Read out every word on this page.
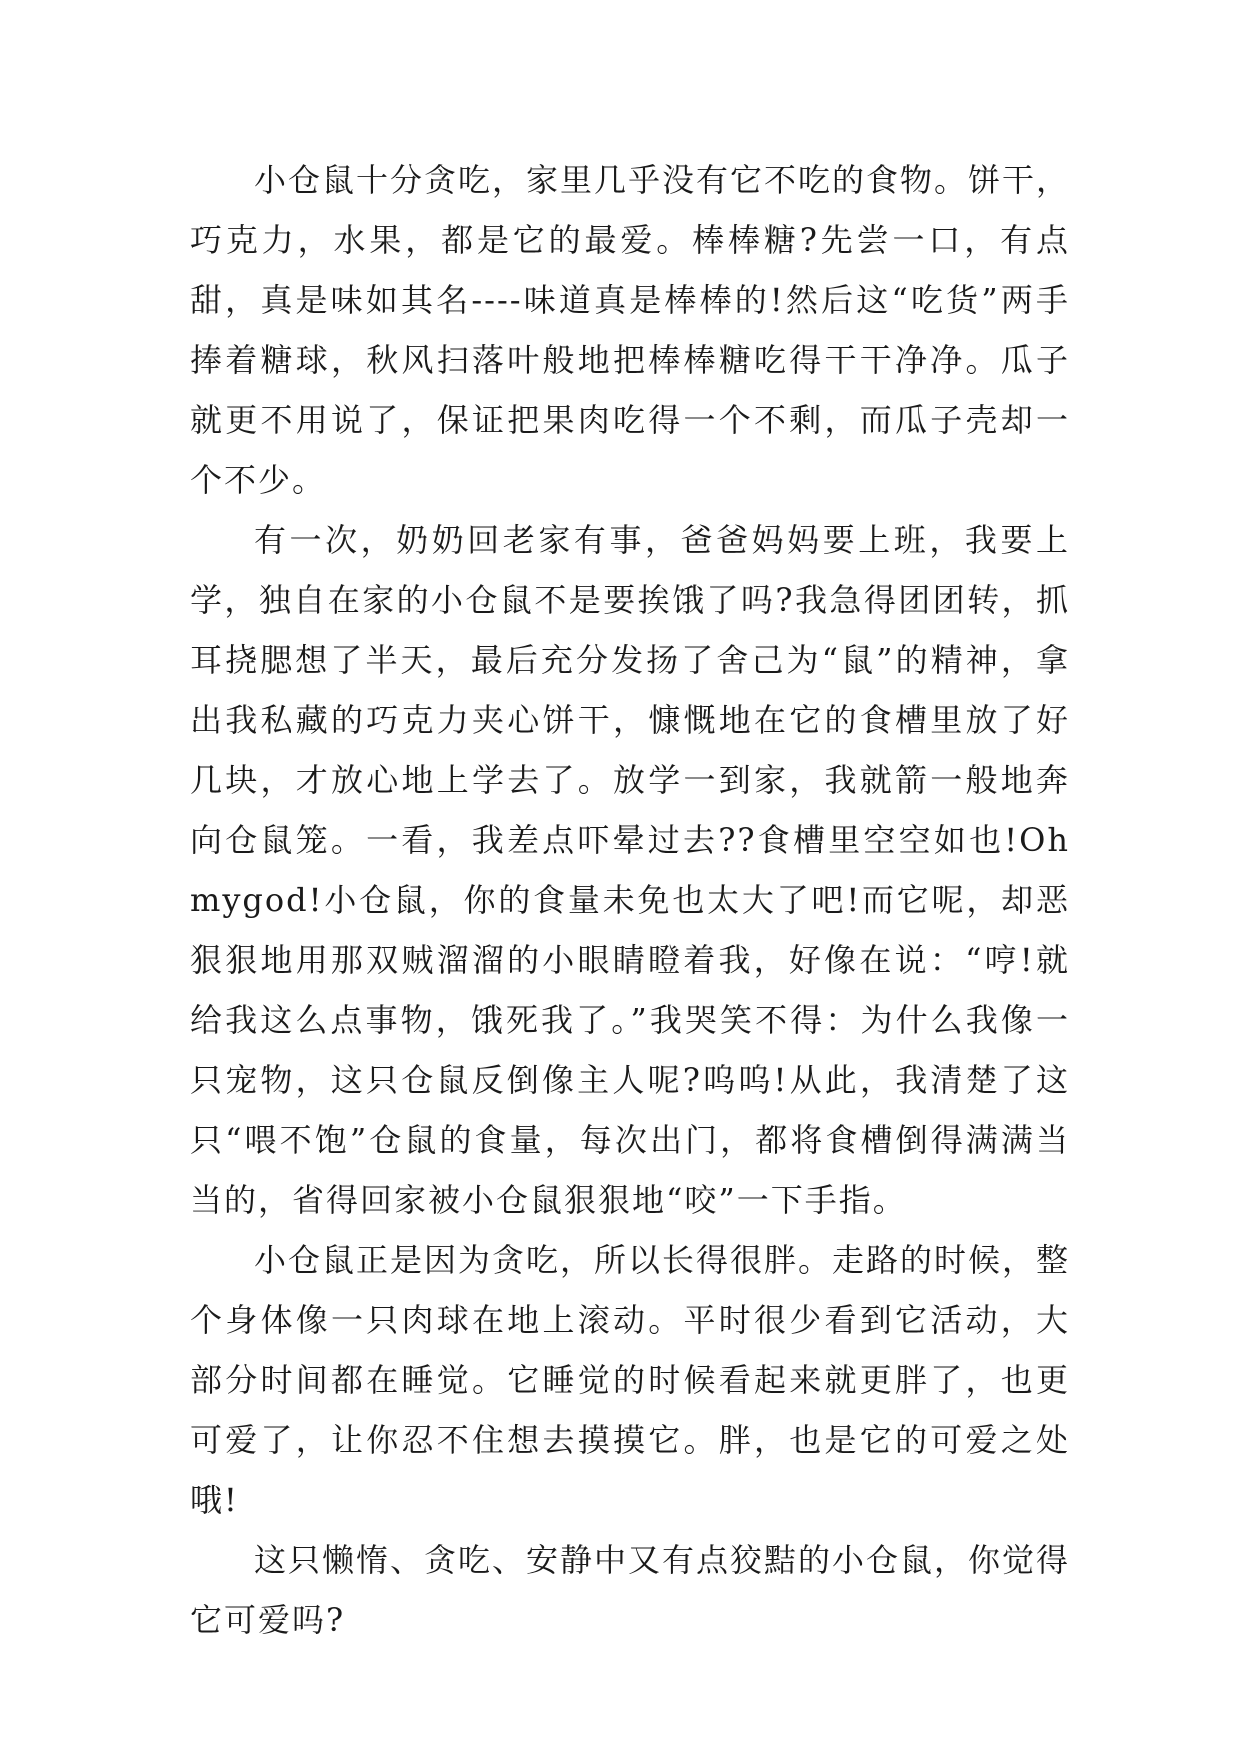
小仓鼠十分贪吃，家里几乎没有它不吃的食物。饼干，巧克力，水果，都是它的最爱。棒棒糖?先尝一口，有点甜，真是味如其名----味道真是棒棒的!然后这“吃货”两手捧着糖球，秋风扫落叶般地把棒棒糖吃得干干净净。瓜子就更不用说了，保证把果肉吃得一个不剩，而瓜子壳却一个不少。

有一次，奶奶回老家有事，爸爸妈妈要上班，我要上学，独自在家的小仓鼠不是要挨饿了吗?我急得团团转，抓耳挠腮想了半天，最后充分发扬了舍己为“鼠”的精神，拿出我私藏的巧克力夹心饼干，慷慨地在它的食槽里放了好几块，才放心地上学去了。放学一到家，我就箭一般地奔向仓鼠笼。一看，我差点吓晕过去??食槽里空空如也!Ohmygod!小仓鼠，你的食量未免也太大了吧!而它呢，却恶狠狠地用那双贼溜溜的小眼睛瞪着我，好像在说：“哼!就给我这么点事物，饿死我了。”我哭笑不得：为什么我像一只宠物，这只仓鼠反倒像主人呢?呜呜!从此，我清楚了这只“喂不饱”仓鼠的食量，每次出门，都将食槽倒得满满当当的，省得回家被小仓鼠狠狠地“咬”一下手指。

小仓鼠正是因为贪吃，所以长得很胖。走路的时候，整个身体像一只肉球在地上滚动。平时很少看到它活动，大部分时间都在睡觉。它睡觉的时候看起来就更胖了，也更可爱了，让你忍不住想去摸摸它。胖，也是它的可爱之处哦!

这只懒惰、贪吃、安静中又有点狡黠的小仓鼠，你觉得它可爱吗?
